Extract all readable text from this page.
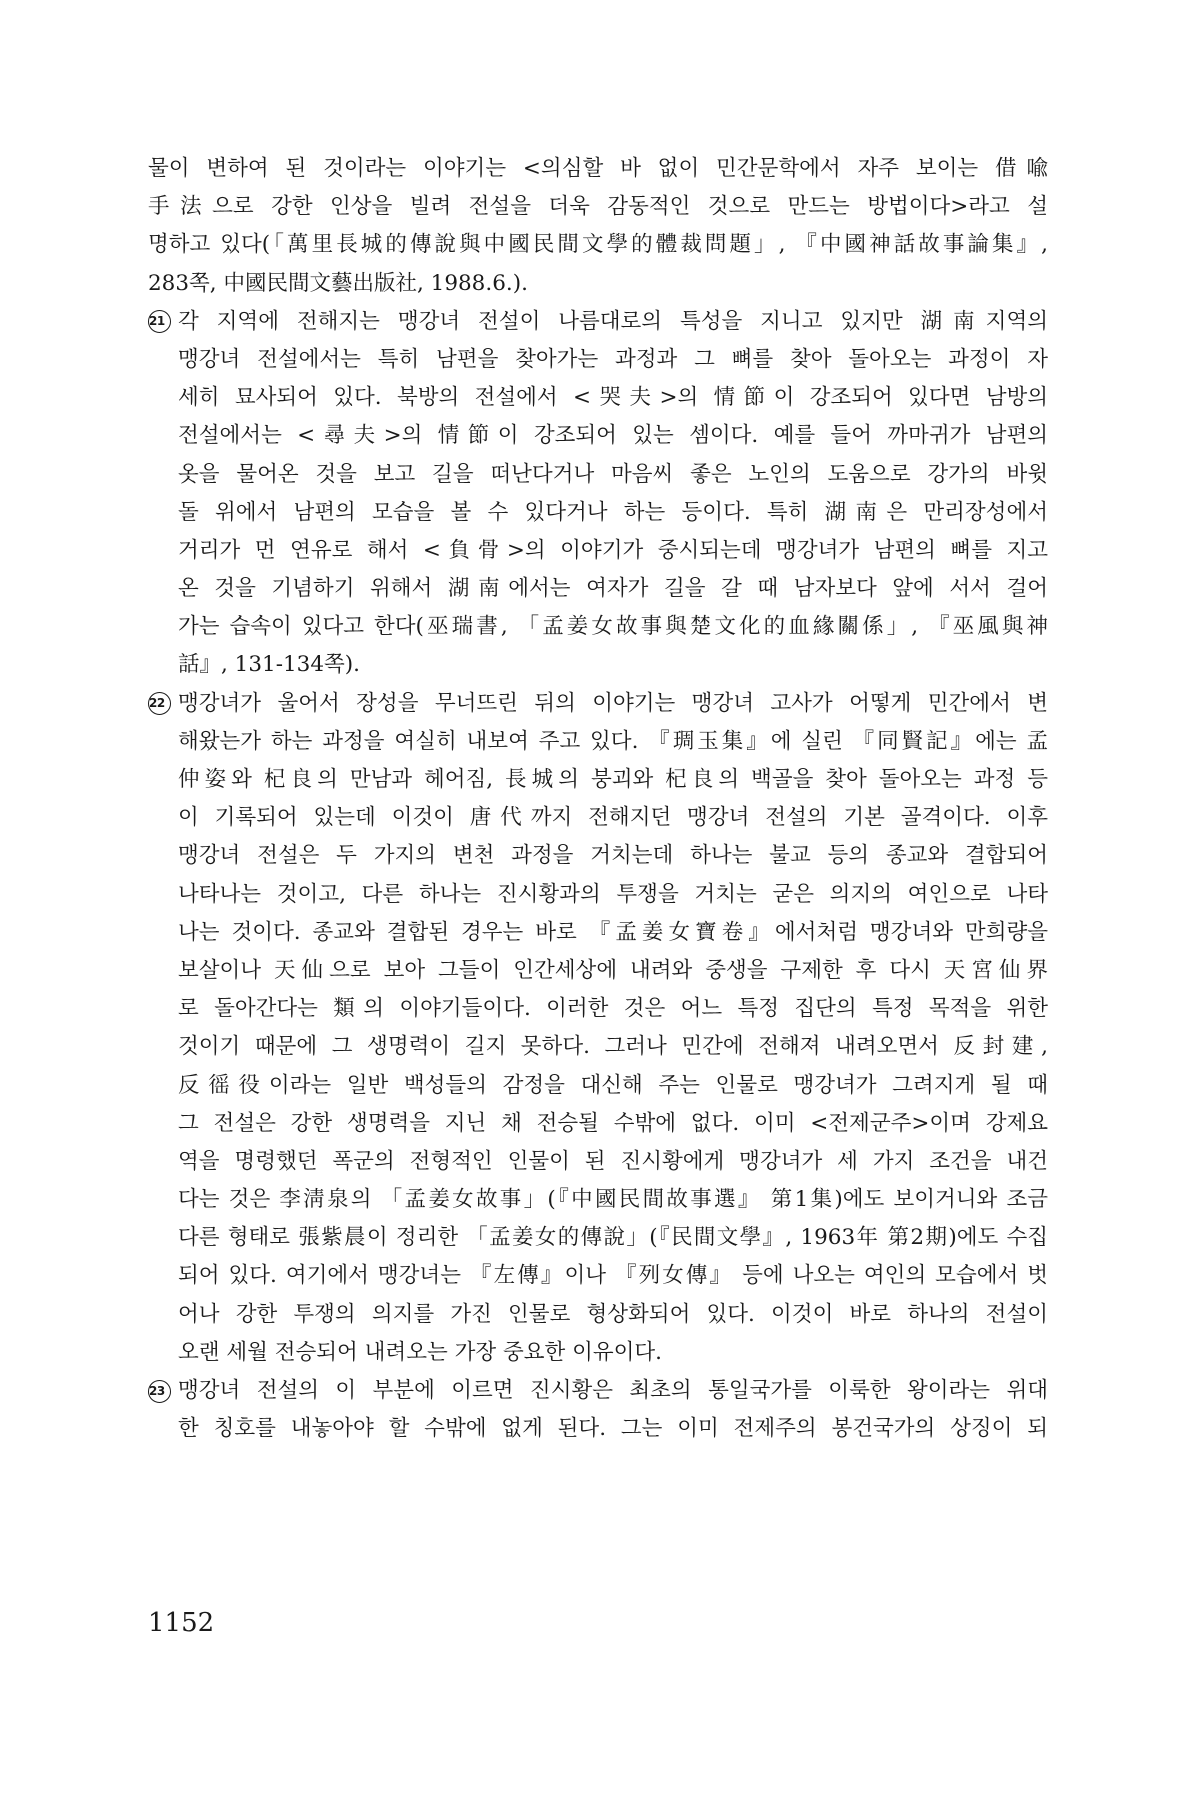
물이 변하여 된 것이라는 이야기는 <의심할 바 없이 민간문학에서 자주 보이는 借喩
手法으로 강한 인상을 빌려 전설을 더욱 감동적인 것으로 만드는 방법이다>라고 설
명하고 있다(「萬里長城的傳說與中國民間文學的體裁問題」, 『中國神話故事論集』,
283쪽, 中國民間文藝出版社, 1988.6.).
21 각 지역에 전해지는 맹강녀 전설이 나름대로의 특성을 지니고 있지만 湖南지역의
맹강녀 전설에서는 특히 남편을 찾아가는 과정과 그 뼈를 찾아 돌아오는 과정이 자
세히 묘사되어 있다. 북방의 전설에서 <哭夫>의 情節이 강조되어 있다면 남방의
전설에서는 <尋夫>의 情節이 강조되어 있는 셈이다. 예를 들어 까마귀가 남편의
옷을 물어온 것을 보고 길을 떠난다거나 마음씨 좋은 노인의 도움으로 강가의 바윗
돌 위에서 남편의 모습을 볼 수 있다거나 하는 등이다. 특히 湖南은 만리장성에서
거리가 먼 연유로 해서 <負骨>의 이야기가 중시되는데 맹강녀가 남편의 뼈를 지고
온 것을 기념하기 위해서 湖南에서는 여자가 길을 갈 때 남자보다 앞에 서서 걸어
가는 습속이 있다고 한다(巫瑞書, 「孟姜女故事與楚文化的血緣關係」, 『巫風與神
話』, 131-134쪽).
22 맹강녀가 울어서 장성을 무너뜨린 뒤의 이야기는 맹강녀 고사가 어떻게 민간에서 변
해왔는가 하는 과정을 여실히 내보여 주고 있다. 『琱玉集』에 실린 『同賢記』에는 孟
仲姿와 杞良의 만남과 헤어짐, 長城의 붕괴와 杞良의 백골을 찾아 돌아오는 과정 등
이 기록되어 있는데 이것이 唐代까지 전해지던 맹강녀 전설의 기본 골격이다. 이후
맹강녀 전설은 두 가지의 변천 과정을 거치는데 하나는 불교 등의 종교와 결합되어
나타나는 것이고, 다른 하나는 진시황과의 투쟁을 거치는 굳은 의지의 여인으로 나타
나는 것이다. 종교와 결합된 경우는 바로 『孟姜女寶卷』에서처럼 맹강녀와 만희량을
보살이나 天仙으로 보아 그들이 인간세상에 내려와 중생을 구제한 후 다시 天宮仙界
로 돌아간다는 類의 이야기들이다. 이러한 것은 어느 특정 집단의 특정 목적을 위한
것이기 때문에 그 생명력이 길지 못하다. 그러나 민간에 전해져 내려오면서 反封建,
反徭役이라는 일반 백성들의 감정을 대신해 주는 인물로 맹강녀가 그려지게 될 때
그 전설은 강한 생명력을 지닌 채 전승될 수밖에 없다. 이미 <전제군주>이며 강제요
역을 명령했던 폭군의 전형적인 인물이 된 진시황에게 맹강녀가 세 가지 조건을 내건
다는 것은 李淸泉의 「孟姜女故事」(『中國民間故事選』 第1集)에도 보이거니와 조금
다른 형태로 張紫晨이 정리한 「孟姜女的傳說」(『民間文學』, 1963年 第2期)에도 수집
되어 있다. 여기에서 맹강녀는 『左傳』이나 『列女傳』 등에 나오는 여인의 모습에서 벗
어나 강한 투쟁의 의지를 가진 인물로 형상화되어 있다. 이것이 바로 하나의 전설이
오랜 세월 전승되어 내려오는 가장 중요한 이유이다.
23 맹강녀 전설의 이 부분에 이르면 진시황은 최초의 통일국가를 이룩한 왕이라는 위대
한 칭호를 내놓아야 할 수밖에 없게 된다. 그는 이미 전제주의 봉건국가의 상징이 되
1152
